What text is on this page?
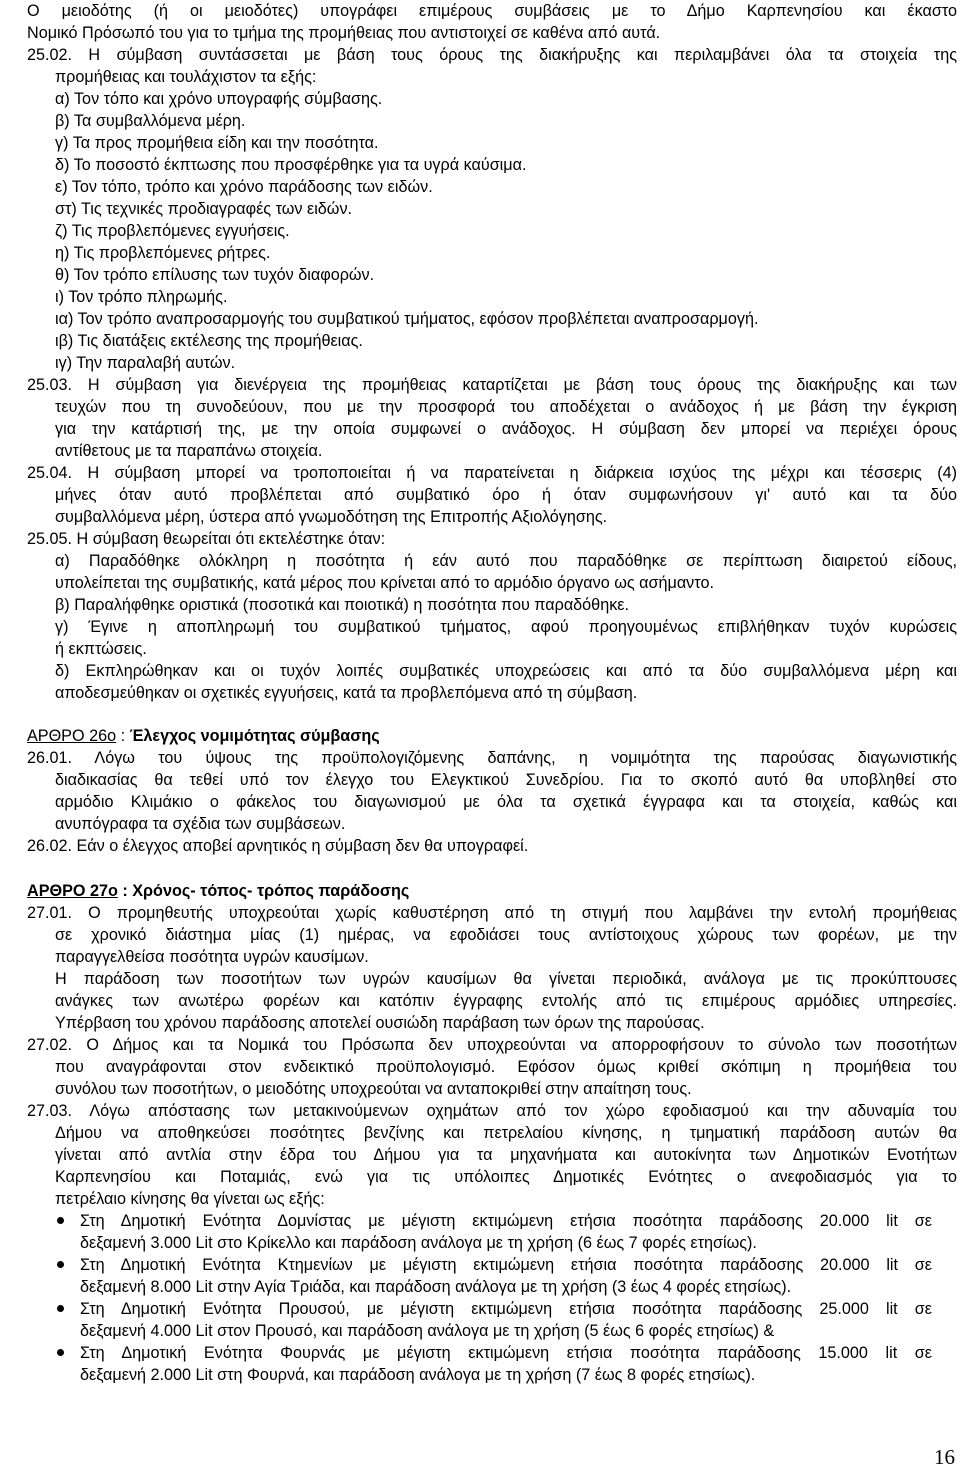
Ο μειοδότης (ή οι μειοδότες) υπογράφει επιμέρους συμβάσεις με το Δήμο Καρπενησίου και έκαστο
Νομικό Πρόσωπό του για το τμήμα της προμήθειας που αντιστοιχεί σε καθένα από αυτά.
25.02. Η σύμβαση συντάσσεται με βάση τους όρους της διακήρυξης και περιλαμβάνει όλα τα στοιχεία της
προμήθειας και τουλάχιστον τα εξής:
α) Τον τόπο και χρόνο υπογραφής σύμβασης.
β) Τα συμβαλλόμενα μέρη.
γ) Τα προς προμήθεια είδη και την ποσότητα.
δ) Το ποσοστό έκπτωσης που προσφέρθηκε για τα υγρά καύσιμα.
ε) Τον τόπο, τρόπο και χρόνο παράδοσης των ειδών.
στ) Τις τεχνικές προδιαγραφές των ειδών.
ζ) Τις προβλεπόμενες εγγυήσεις.
η) Τις προβλεπόμενες ρήτρες.
θ) Τον τρόπο επίλυσης των τυχόν διαφορών.
ι) Τον τρόπο πληρωμής.
ια) Τον τρόπο αναπροσαρμογής του συμβατικού τμήματος, εφόσον προβλέπεται αναπροσαρμογή.
ιβ) Τις διατάξεις εκτέλεσης της προμήθειας.
ιγ) Την παραλαβή αυτών.
25.03. Η σύμβαση για διενέργεια της προμήθειας καταρτίζεται με βάση τους όρους της διακήρυξης και των
τευχών που τη συνοδεύουν, που με την προσφορά του αποδέχεται ο ανάδοχος ή με βάση την έγκριση
για την κατάρτισή της, με την οποία συμφωνεί ο ανάδοχος. Η σύμβαση δεν μπορεί να περιέχει όρους
αντίθετους με τα παραπάνω στοιχεία.
25.04. Η σύμβαση μπορεί να τροποποιείται ή να παρατείνεται η διάρκεια ισχύος της μέχρι και τέσσερις (4)
μήνες όταν αυτό προβλέπεται από συμβατικό όρο ή όταν συμφωνήσουν γι' αυτό και τα δύο
συμβαλλόμενα μέρη, ύστερα από γνωμοδότηση της Επιτροπής Αξιολόγησης.
25.05. Η σύμβαση θεωρείται ότι εκτελέστηκε όταν:
α) Παραδόθηκε ολόκληρη η ποσότητα ή εάν αυτό που παραδόθηκε σε περίπτωση διαιρετού είδους,
υπολείπεται της συμβατικής, κατά μέρος που κρίνεται από το αρμόδιο όργανο ως ασήμαντο.
β) Παραλήφθηκε οριστικά (ποσοτικά και ποιοτικά) η ποσότητα που παραδόθηκε.
γ) Έγινε η αποπληρωμή του συμβατικού τμήματος, αφού προηγουμένως επιβλήθηκαν τυχόν κυρώσεις
ή εκπτώσεις.
δ) Εκπληρώθηκαν και οι τυχόν λοιπές συμβατικές υποχρεώσεις και από τα δύο συμβαλλόμενα μέρη και
αποδεσμεύθηκαν οι σχετικές εγγυήσεις, κατά τα προβλεπόμενα από τη σύμβαση.
ΑΡΘΡΟ 26ο : Έλεγχος νομιμότητας σύμβασης
26.01. Λόγω του ύψους της προϋπολογιζόμενης δαπάνης, η νομιμότητα της παρούσας διαγωνιστικής
διαδικασίας θα τεθεί υπό τον έλεγχο του Ελεγκτικού Συνεδρίου. Για το σκοπό αυτό θα υποβληθεί στο
αρμόδιο Κλιμάκιο ο φάκελος του διαγωνισμού με όλα τα σχετικά έγγραφα και τα στοιχεία, καθώς και
ανυπόγραφα τα σχέδια των συμβάσεων.
26.02. Εάν ο έλεγχος αποβεί αρνητικός η σύμβαση δεν θα υπογραφεί.
ΑΡΘΡΟ 27ο : Χρόνος- τόπος- τρόπος παράδοσης
27.01. Ο προμηθευτής υποχρεούται χωρίς καθυστέρηση από τη στιγμή που λαμβάνει την εντολή προμήθειας
σε χρονικό διάστημα μίας (1) ημέρας, να εφοδιάσει τους αντίστοιχους χώρους των φορέων, με την
παραγγελθείσα ποσότητα υγρών καυσίμων.
Η παράδοση των ποσοτήτων των υγρών καυσίμων θα γίνεται περιοδικά, ανάλογα με τις προκύπτουσες
ανάγκες των ανωτέρω φορέων και κατόπιν έγγραφης εντολής από τις επιμέρους αρμόδιες υπηρεσίες.
Υπέρβαση του χρόνου παράδοσης αποτελεί ουσιώδη παράβαση των όρων της παρούσας.
27.02. Ο Δήμος και τα Νομικά του Πρόσωπα δεν υποχρεούνται να απορροφήσουν το σύνολο των ποσοτήτων
που αναγράφονται στον ενδεικτικό προϋπολογισμό. Εφόσον όμως κριθεί σκόπιμη η προμήθεια του
συνόλου των ποσοτήτων, ο μειοδότης υποχρεούται να ανταποκριθεί στην απαίτηση τους.
27.03. Λόγω απόστασης των μετακινούμενων οχημάτων από τον χώρο εφοδιασμού και την αδυναμία του
Δήμου να αποθηκεύσει ποσότητες βενζίνης και πετρελαίου κίνησης, η τμηματική παράδοση αυτών θα
γίνεται από αντλία στην έδρα του Δήμου για τα μηχανήματα και αυτοκίνητα των Δημοτικών Ενοτήτων
Καρπενησίου και Ποταμιάς, ενώ για τις υπόλοιπες Δημοτικές Ενότητες ο ανεφοδιασμός για το
πετρέλαιο κίνησης θα γίνεται ως εξής:
Στη Δημοτική Ενότητα Δομνίστας με μέγιστη εκτιμώμενη ετήσια ποσότητα παράδοσης 20.000 lit σε
δεξαμενή 3.000 Lit στο Κρίκελλο και παράδοση ανάλογα με τη χρήση (6 έως 7 φορές ετησίως).
Στη Δημοτική Ενότητα Κτημενίων με μέγιστη εκτιμώμενη ετήσια ποσότητα παράδοσης 20.000 lit σε
δεξαμενή 8.000 Lit στην Αγία Τριάδα, και παράδοση ανάλογα με τη χρήση (3 έως 4 φορές ετησίως).
Στη Δημοτική Ενότητα Προυσού, με μέγιστη εκτιμώμενη ετήσια ποσότητα παράδοσης 25.000 lit σε
δεξαμενή 4.000 Lit στον Προυσό, και παράδοση ανάλογα με τη χρήση (5 έως 6 φορές ετησίως) &
Στη Δημοτική Ενότητα Φουρνάς με μέγιστη εκτιμώμενη ετήσια ποσότητα παράδοσης 15.000 lit σε
δεξαμενή 2.000 Lit στη Φουρνά, και παράδοση ανάλογα με τη χρήση (7 έως 8 φορές ετησίως).
16
